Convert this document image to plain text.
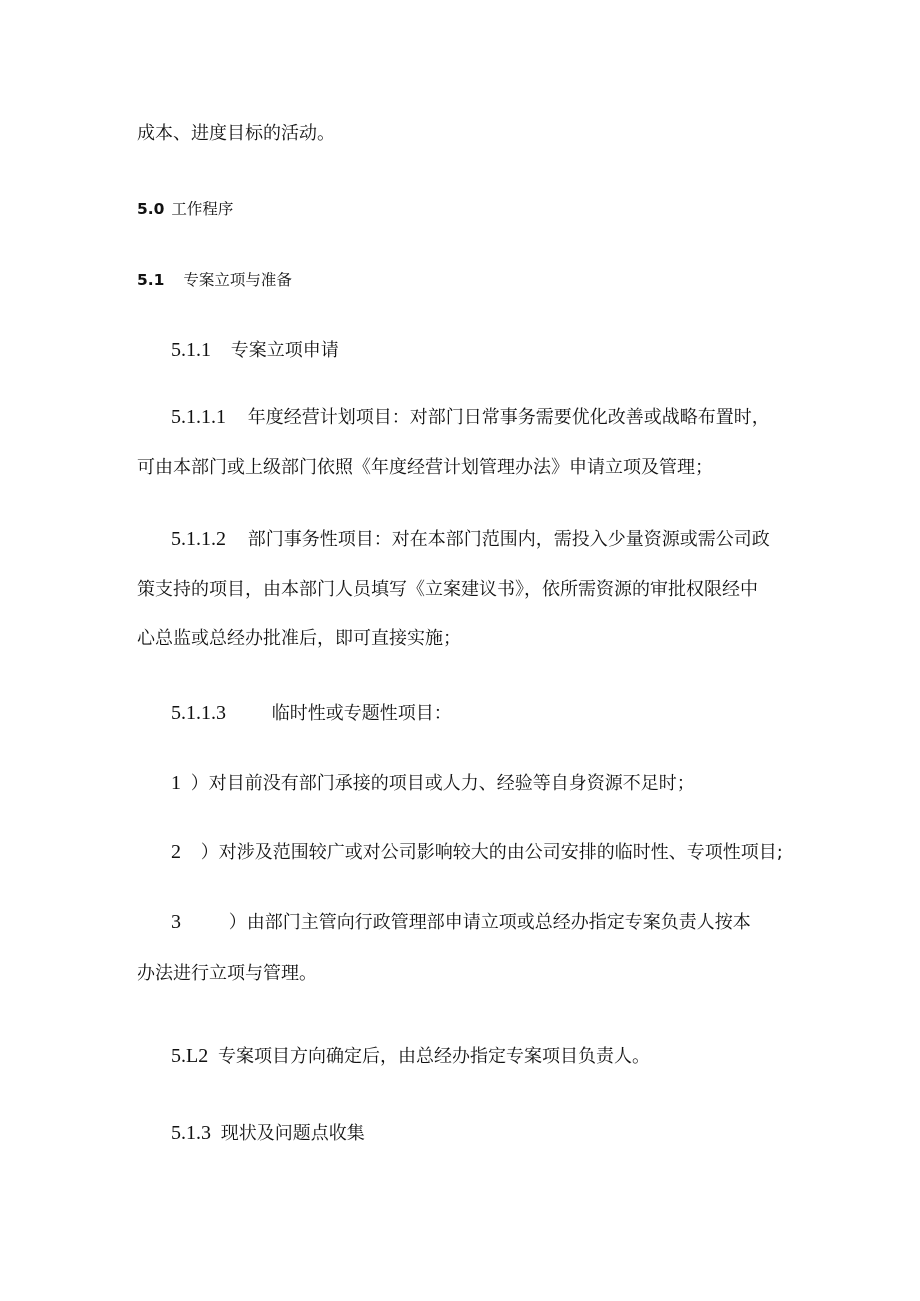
成本、进度目标的活动。
5.0 工作程序
5.1 专案立项与准备
5.1.1 专案立项申请
5.1.1.1 年度经营计划项目：对部门日常事务需要优化改善或战略布置时，
可由本部门或上级部门依照《年度经营计划管理办法》申请立项及管理；
5.1.1.2 部门事务性项目：对在本部门范围内，需投入少量资源或需公司政
策支持的项目，由本部门人员填写《立案建议书》，依所需资源的审批权限经中
心总监或总经办批准后，即可直接实施；
5.1.1.3	临时性或专题性项目：
1 ）对目前没有部门承接的项目或人力、经验等自身资源不足时；
2 ）对涉及范围较广或对公司影响较大的由公司安排的临时性、专项性项目;
3	）由部门主管向行政管理部申请立项或总经办指定专案负责人按本
办法进行立项与管理。
5.L2 专案项目方向确定后，由总经办指定专案项目负责人。
5.1.3 现状及问题点收集
